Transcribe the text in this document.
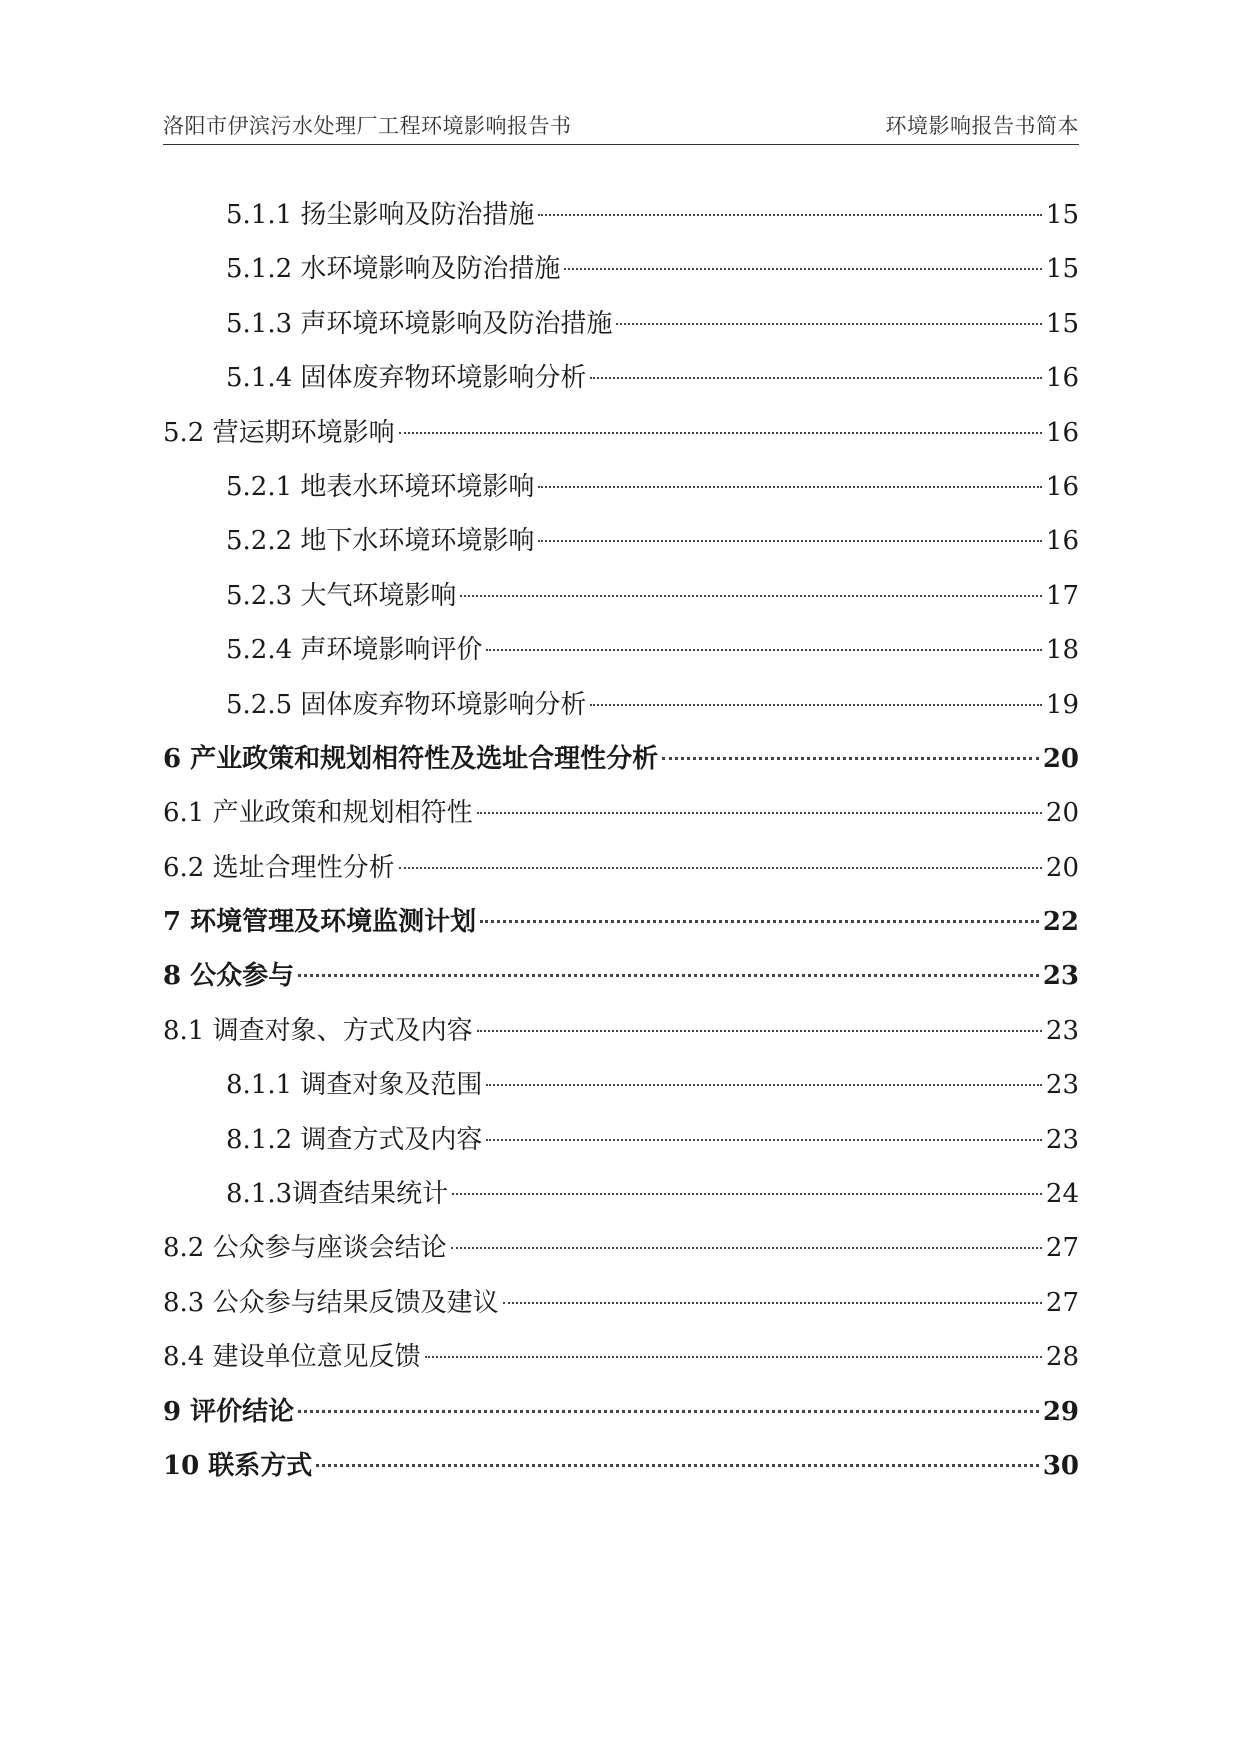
洛阳市伊滨污水处理厂工程环境影响报告书	环境影响报告书简本
5.1.1 扬尘影响及防治措施	15
5.1.2 水环境影响及防治措施	15
5.1.3 声环境环境影响及防治措施	15
5.1.4 固体废弃物环境影响分析	16
5.2 营运期环境影响	16
5.2.1 地表水环境环境影响	16
5.2.2 地下水环境环境影响	16
5.2.3 大气环境影响	17
5.2.4 声环境影响评价	18
5.2.5 固体废弃物环境影响分析	19
6 产业政策和规划相符性及选址合理性分析	20
6.1 产业政策和规划相符性	20
6.2 选址合理性分析	20
7 环境管理及环境监测计划	22
8 公众参与	23
8.1 调查对象、方式及内容	23
8.1.1 调查对象及范围	23
8.1.2 调查方式及内容	23
8.1.3调查结果统计	24
8.2 公众参与座谈会结论	27
8.3 公众参与结果反馈及建议	27
8.4 建设单位意见反馈	28
9 评价结论	29
10 联系方式	30
